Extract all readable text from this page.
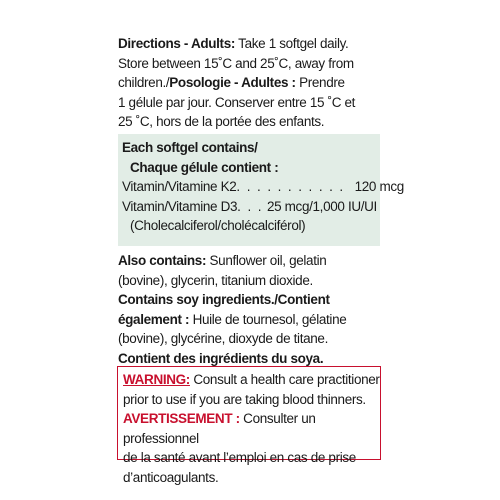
Directions - Adults: Take 1 softgel daily.
Store between 15˚C and 25˚C, away from
children./Posologie - Adultes : Prendre
1 gélule par jour. Conserver entre 15 ˚C et
25 ˚C, hors de la portée des enfants.
Each softgel contains/
Chaque gélule contient :
Vitamin/Vitamine K2 . . . . . . . . . . . 120 mcg
Vitamin/Vitamine D3 . . . 25 mcg/1,000 IU/UI
(Cholecalciferol/cholécalciférol)
Also contains: Sunflower oil, gelatin
(bovine), glycerin, titanium dioxide.
Contains soy ingredients./Contient
également : Huile de tournesol, gélatine
(bovine), glycérine, dioxyde de titane.
Contient des ingrédients du soya.
WARNING: Consult a health care practitioner
prior to use if you are taking blood thinners.
AVERTISSEMENT : Consulter un professionnel
de la santé avant l’emploi en cas de prise
d’anticoagulants.
